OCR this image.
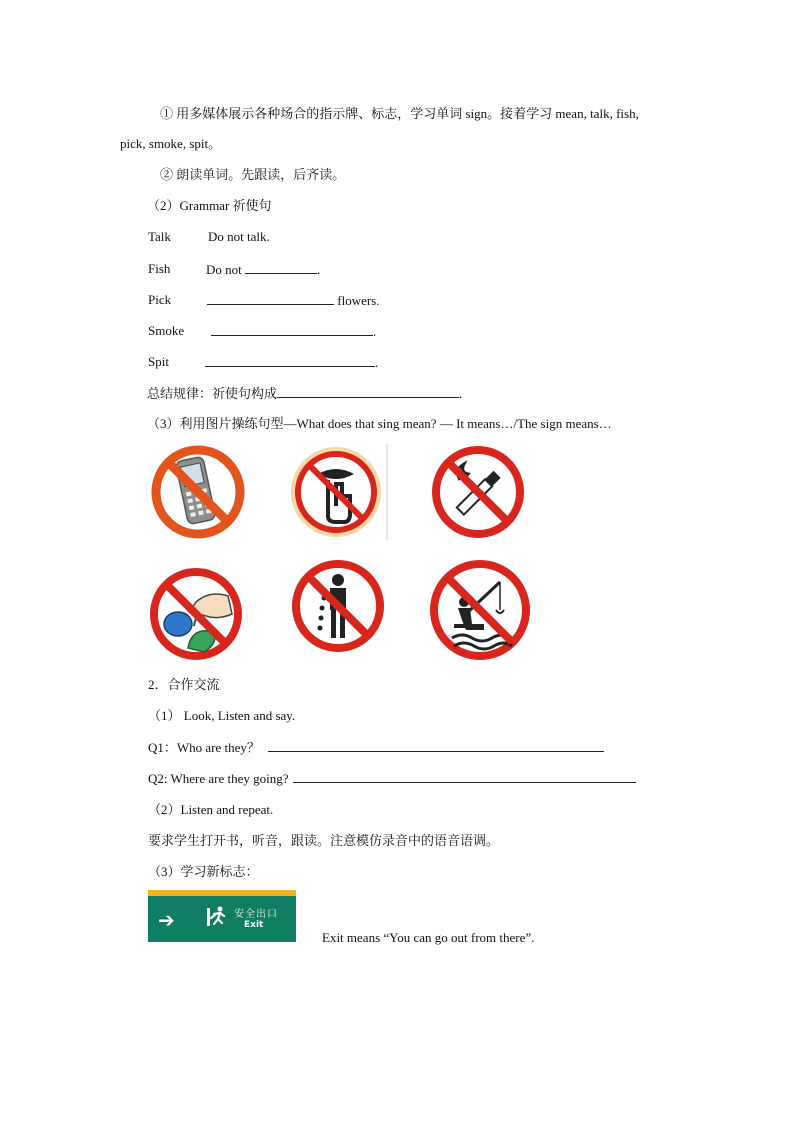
① 用多媒体展示各种场合的指示牌、标志，学习单词 sign。接着学习 mean, talk, fish,
pick, smoke, spit。
② 朗读单词。先跟读，后齐读。
（2）Grammar 祈使句
Talk	Do not talk.
Fish	Do not	.
Pick	flowers.
Smoke	.
Spit	.
总结规律：祈使句构成	.
（3）利用图片操练句型—What does that sing mean? — It means…/The sign means…
2．合作交流
（1） Look, Listen and say.
Q1：Who are they？
Q2: Where are they going?
（2）Listen and repeat.
要求学生打开书，听音，跟读。注意模仿录音中的语音语调。
（3）学习新标志：
➔	安全出口
Exit
Exit means “You can go out from there”.
